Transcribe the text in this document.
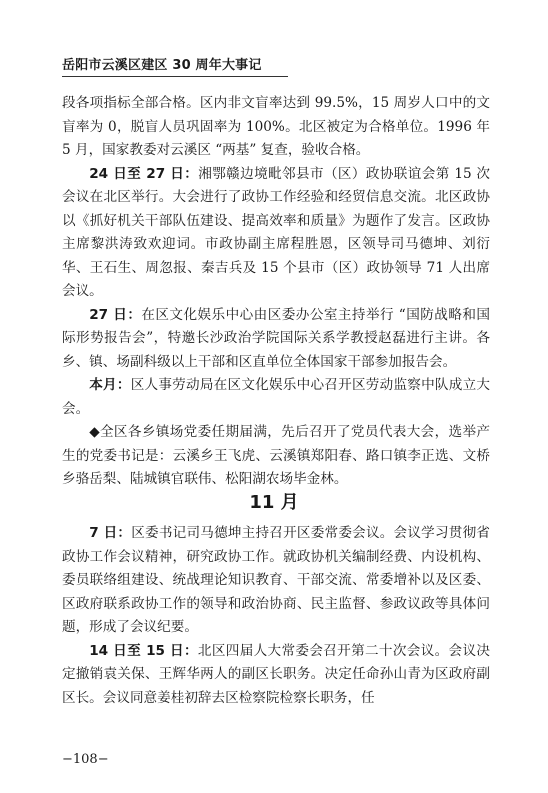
岳阳市云溪区建区 30 周年大事记

段各项指标全部合格。区内非文盲率达到 99.5%，15 周岁人口中的文盲率为 0，脱盲人员巩固率为 100%。北区被定为合格单位。1996 年 5 月，国家教委对云溪区 “两基” 复查，验收合格。

24 日至 27 日：湘鄂赣边境毗邻县市（区）政协联谊会第 15 次会议在北区举行。大会进行了政协工作经验和经贸信息交流。北区政协以《抓好机关干部队伍建设、提高效率和质量》为题作了发言。区政协主席黎洪涛致欢迎词。市政协副主席程胜恩，区领导司马德坤、刘衍华、王石生、周忽报、秦吉兵及 15 个县市（区）政协领导 71 人出席会议。

27 日：在区文化娱乐中心由区委办公室主持举行 “国防战略和国际形势报告会”，特邀长沙政治学院国际关系学教授赵磊进行主讲。各乡、镇、场副科级以上干部和区直单位全体国家干部参加报告会。

本月：区人事劳动局在区文化娱乐中心召开区劳动监察中队成立大会。

◆全区各乡镇场党委任期届满，先后召开了党员代表大会，选举产生的党委书记是：云溪乡王飞虎、云溪镇郑阳春、路口镇李正选、文桥乡骆岳梨、陆城镇官联伟、松阳湖农场毕金林。

11 月

7 日：区委书记司马德坤主持召开区委常委会议。会议学习贯彻省政协工作会议精神，研究政协工作。就政协机关编制经费、内设机构、委员联络组建设、统战理论知识教育、干部交流、常委增补以及区委、区政府联系政协工作的领导和政治协商、民主监督、参政议政等具体问题，形成了会议纪要。

14 日至 15 日：北区四届人大常委会召开第二十次会议。会议决定撤销袁关保、王辉华两人的副区长职务。决定任命孙山青为区政府副区长。会议同意姜桂初辞去区检察院检察长职务，任

−108−
